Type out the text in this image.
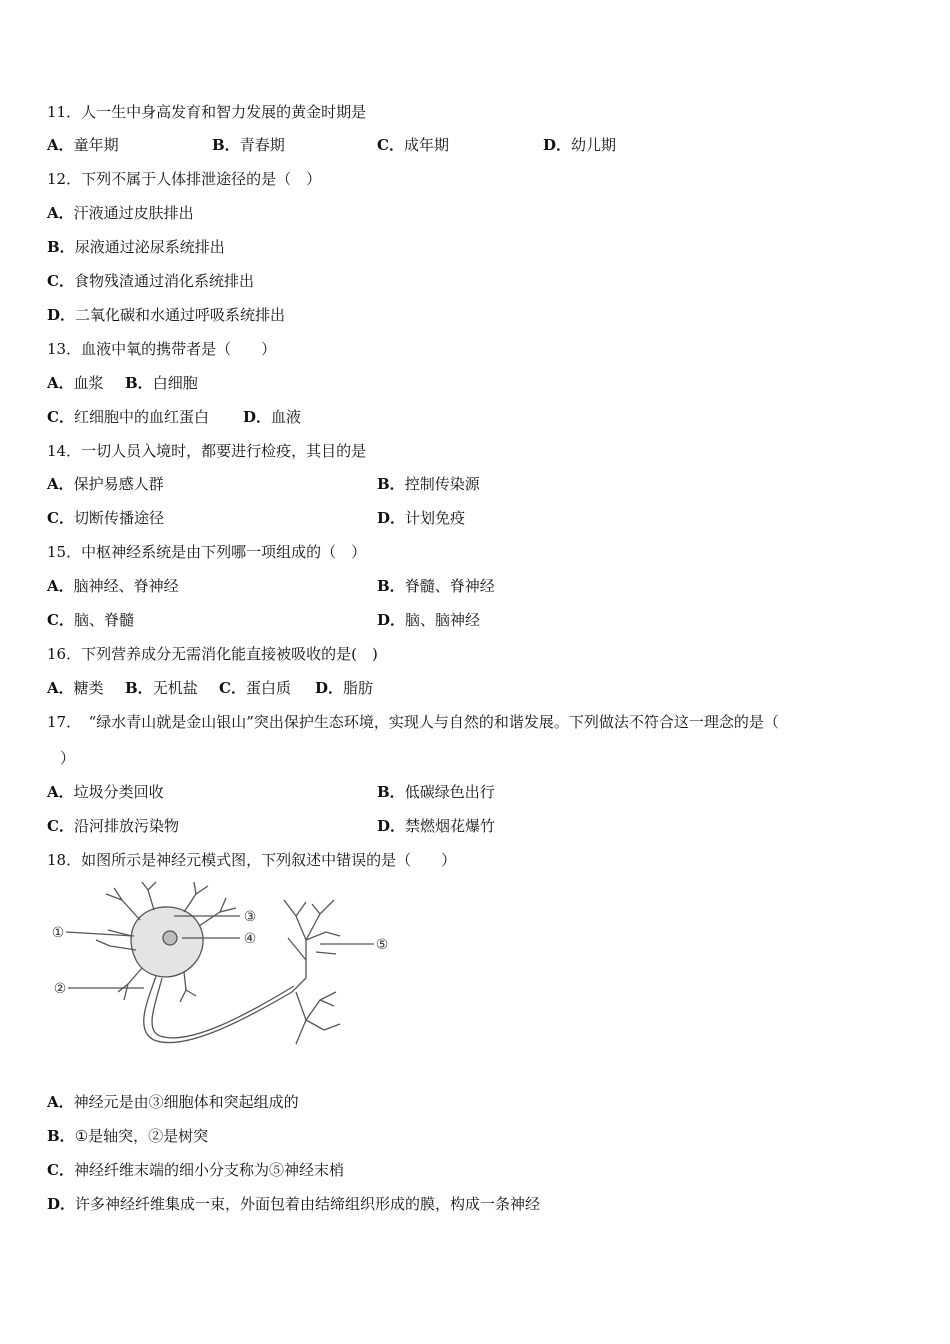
11．人一生中身高发育和智力发展的黄金时期是
A．童年期	B．青春期	C．成年期	D．幼儿期
12．下列不属于人体排泄途径的是（　）
A．汗液通过皮肤排出
B．尿液通过泌尿系统排出
C．食物残渣通过消化系统排出
D．二氧化碳和水通过呼吸系统排出
13．血液中氧的携带者是（　　）
A．血浆 B．白细胞
C．红细胞中的血红蛋白 D．血液
14．一切人员入境时，都要进行检疫，其目的是
A．保护易感人群	B．控制传染源
C．切断传播途径	D．计划免疫
15．中枢神经系统是由下列哪一项组成的（　）
A．脑神经、脊神经	B．脊髓、脊神经
C．脑、脊髓	D．脑、脑神经
16．下列营养成分无需消化能直接被吸收的是(　)
A．糖类 B．无机盐 C．蛋白质 D．脂肪
17．　“绿水青山就是金山银山”突出保护生态环境，实现人与自然的和谐发展。下列做法不符合这一理念的是（
）
A．垃圾分类回收	B．低碳绿色出行
C．沿河排放污染物	D．禁燃烟花爆竹
18．如图所示是神经元模式图，下列叙述中错误的是（　　）
①
②
③
④	⑤
A．神经元是由③细胞体和突起组成的
B．①是轴突，②是树突
C．神经纤维末端的细小分支称为⑤神经末梢
D．许多神经纤维集成一束，外面包着由结缔组织形成的膜，构成一条神经
